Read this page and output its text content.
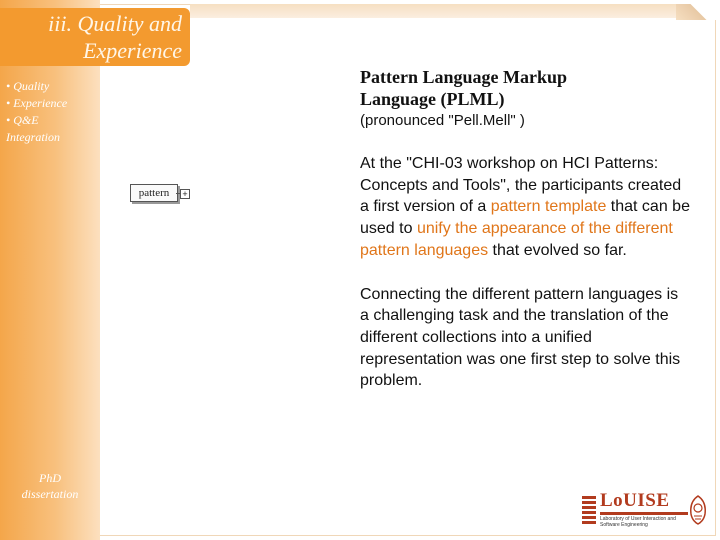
• Quality
• Experience
• Q&E
Integration
PhD
dissertation
iii. Quality and Experience
pattern	+

Pattern Language Markup
Language (PLML)

(pronounced "Pell.Mell" )

At the "CHI-03 workshop on HCI Patterns: Concepts and Tools", the participants created a first version of a pattern template that can be used to unify the appearance of the different pattern languages that evolved so far.

Connecting the different pattern languages is a challenging task and the translation of the different collections into a unified representation was one first step to solve this problem.

LoUISE
Laboratory of User Interaction and Software Engineering
